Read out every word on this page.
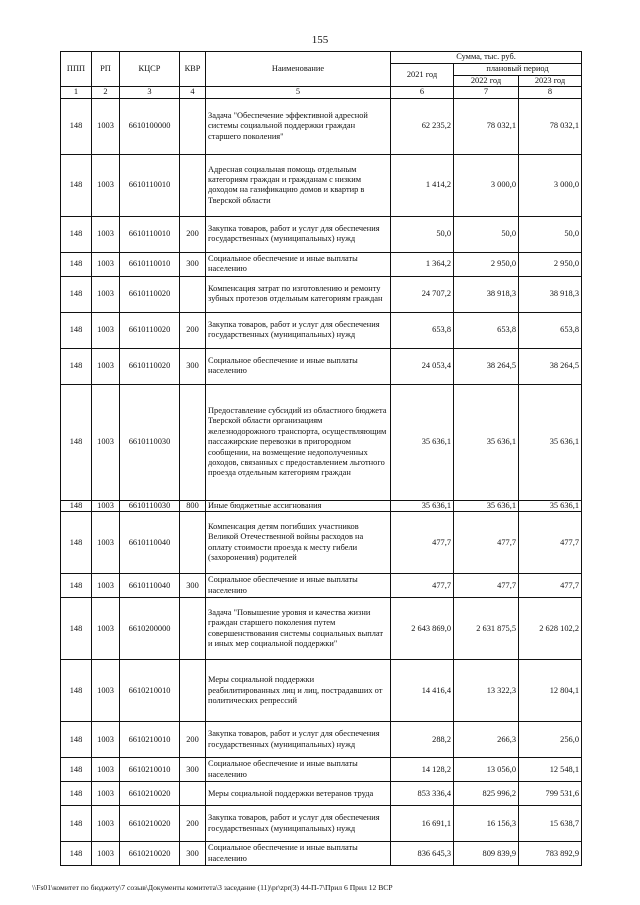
155
ППП	РП	КЦСР	КВР	Наименование	Сумма, тыс. руб.		
					2021 год	плановый период	
						2022 год	2023 год
1	2	3	4	5	6	7	8
148	1003	6610100000		Задача "Обеспечение эффективной адресной системы социальной поддержки граждан старшего поколения"	62 235,2	78 032,1	78 032,1
148	1003	6610110010		Адресная социальная помощь отдельным категориям граждан и гражданам с низким доходом на газификацию домов и квартир в Тверской области	1 414,2	3 000,0	3 000,0
148	1003	6610110010	200	Закупка товаров, работ и услуг для обеспечения государственных (муниципальных) нужд	50,0	50,0	50,0
148	1003	6610110010	300	Социальное обеспечение и иные выплаты населению	1 364,2	2 950,0	2 950,0
148	1003	6610110020		Компенсация затрат по изготовлению и ремонту зубных протезов отдельным категориям граждан	24 707,2	38 918,3	38 918,3
148	1003	6610110020	200	Закупка товаров, работ и услуг для обеспечения государственных (муниципальных) нужд	653,8	653,8	653,8
148	1003	6610110020	300	Социальное обеспечение и иные выплаты населению	24 053,4	38 264,5	38 264,5
148	1003	6610110030		Предоставление субсидий из областного бюджета Тверской области организациям железнодорожного транспорта, осуществляющим пассажирские перевозки в пригородном сообщении, на возмещение недополученных доходов, связанных с предоставлением льготного проезда отдельным категориям граждан	35 636,1	35 636,1	35 636,1
148	1003	6610110030	800	Иные бюджетные ассигнования	35 636,1	35 636,1	35 636,1
148	1003	6610110040		Компенсация детям погибших участников Великой Отечественной войны расходов на оплату стоимости проезда к месту гибели (захоронения) родителей	477,7	477,7	477,7
148	1003	6610110040	300	Социальное обеспечение и иные выплаты населению	477,7	477,7	477,7
148	1003	6610200000		Задача "Повышение уровня и качества жизни граждан старшего поколения путем совершенствования системы социальных выплат и иных мер социальной поддержки"	2 643 869,0	2 631 875,5	2 628 102,2
148	1003	6610210010		Меры социальной поддержки реабилитированных лиц и лиц, пострадавших от политических репрессий	14 416,4	13 322,3	12 804,1
148	1003	6610210010	200	Закупка товаров, работ и услуг для обеспечения государственных (муниципальных) нужд	288,2	266,3	256,0
148	1003	6610210010	300	Социальное обеспечение и иные выплаты населению	14 128,2	13 056,0	12 548,1
148	1003	6610210020		Меры социальной поддержки ветеранов труда	853 336,4	825 996,2	799 531,6
148	1003	6610210020	200	Закупка товаров, работ и услуг для обеспечения государственных (муниципальных) нужд	16 691,1	16 156,3	15 638,7
148	1003	6610210020	300	Социальное обеспечение и иные выплаты населению	836 645,3	809 839,9	783 892,9
\\Fs01\комитет по бюджету\7 созыв\Документы комитета\3 заседание (11)\pr\zpr(3) 44-П-7\Прил 6 Прил 12 ВСР
